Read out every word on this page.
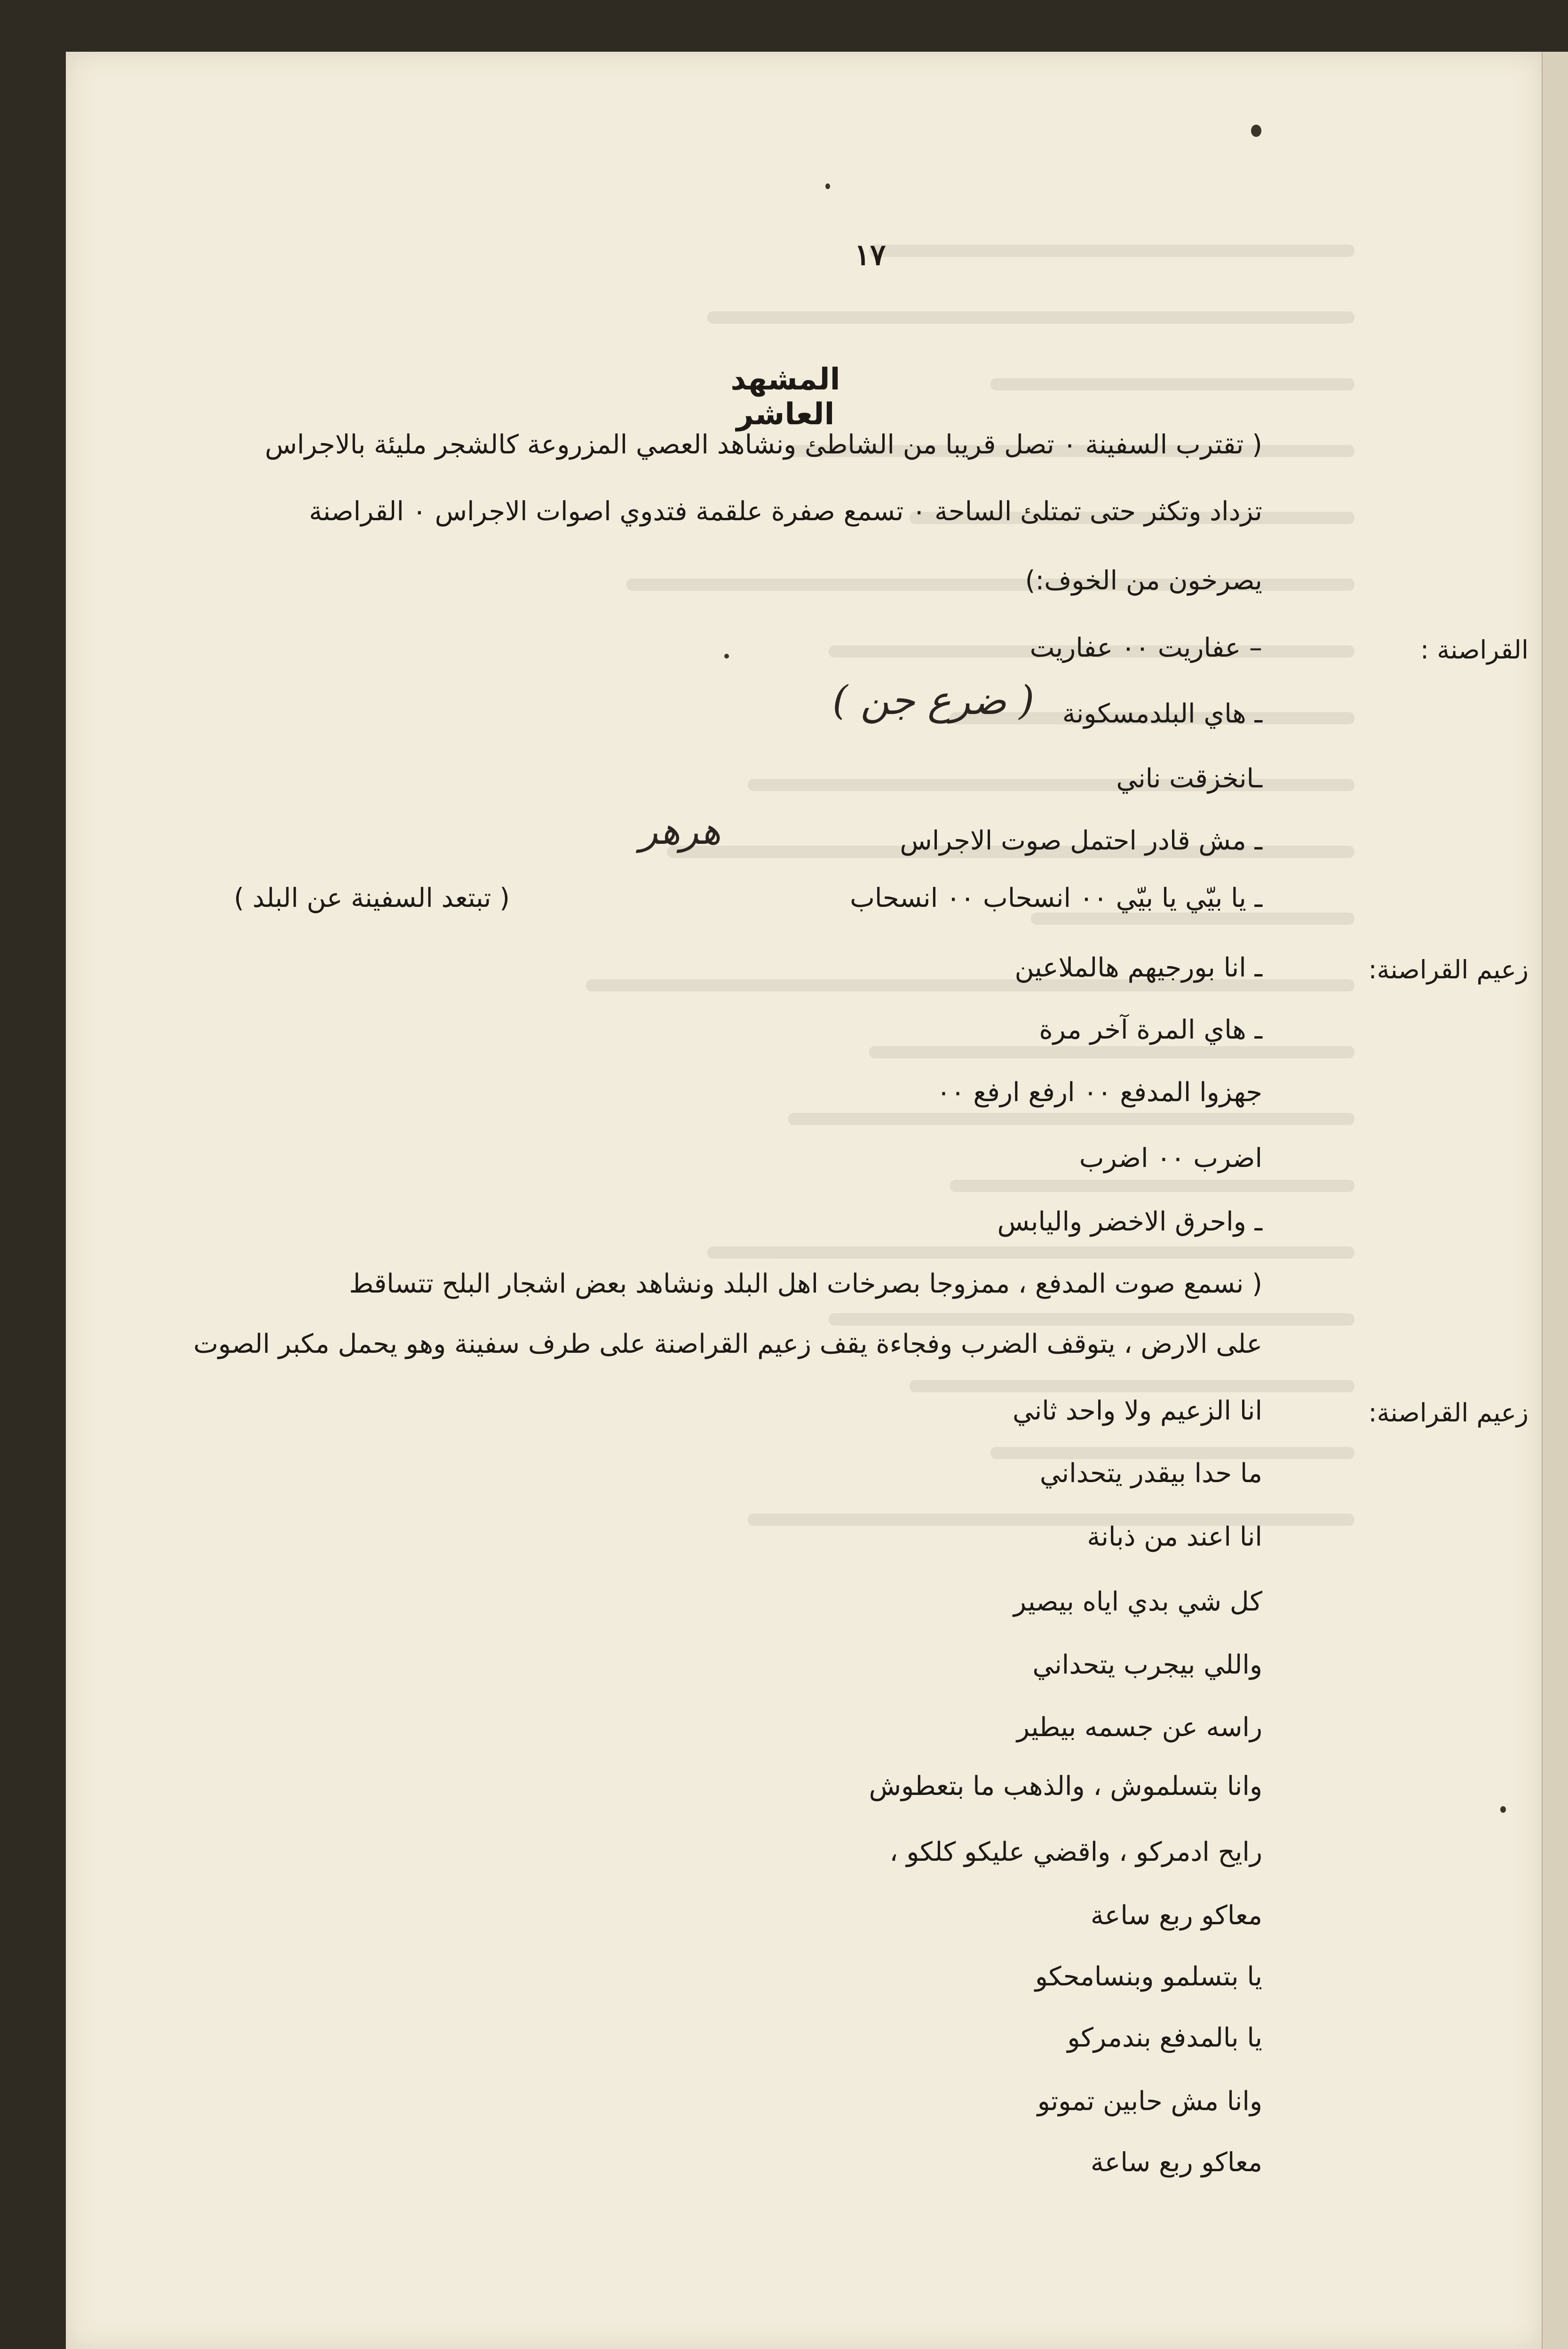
١٧
المشهد العاشر
( تقترب السفينة ٠ تصل قريبا من الشاطئ ونشاهد العصي المزروعة كالشجر مليئة بالاجراس
تزداد وتكثر حتى تمتلئ الساحة ٠ تسمع صفرة علقمة فتدوي اصوات الاجراس ٠ القراصنة
يصرخون من الخوف:)
القراصنة :
– عفاريت ٠٠ عفاريت
ـ هاي البلدمسكونة
ـانخزقت ناني
ـ مش قادر احتمل صوت الاجراس
ـ يا بيّي يا بيّي ٠٠ انسحاب ٠٠ انسحاب
( تبتعد السفينة عن البلد )
( ضرع جن )
هرهر
زعيم القراصنة:
ـ انا بورجيهم هالملاعين
ـ هاي المرة آخر مرة
جهزوا المدفع ٠٠ ارفع ارفع ٠٠
اضرب ٠٠ اضرب
ـ واحرق الاخضر واليابس
( نسمع صوت المدفع ، ممزوجا بصرخات اهل البلد ونشاهد بعض اشجار البلح تتساقط
على الارض ، يتوقف الضرب وفجاءة يقف زعيم القراصنة على طرف سفينة وهو يحمل مكبر الصوت
زعيم القراصنة:
انا الزعيم ولا واحد ثاني
ما حدا بيقدر يتحداني
انا اعند من ذبانة
كل شي بدي اياه بيصير
واللي بيجرب يتحداني
راسه عن جسمه بيطير
وانا بتسلموش ، والذهب ما بتعطوش
رايح ادمركو ، واقضي عليكو كلكو ،
معاكو ربع ساعة
يا بتسلمو وبنسامحكو
يا بالمدفع بندمركو
وانا مش حابين تموتو
معاكو ربع ساعة
